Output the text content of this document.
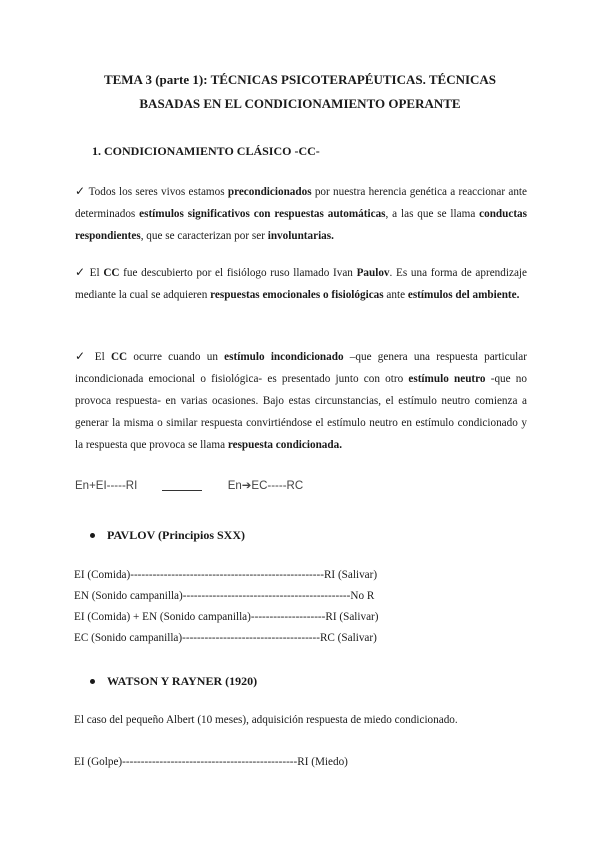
TEMA 3 (parte 1): TÉCNICAS PSICOTERAPÉUTICAS. TÉCNICAS
BASADAS EN EL CONDICIONAMIENTO OPERANTE
1. CONDICIONAMIENTO CLÁSICO -CC-

✓ Todos los seres vivos estamos precondicionados por nuestra herencia genética a reaccionar ante determinados estímulos significativos con respuestas automáticas, a las que se llama conductas respondientes, que se caracterizan por ser involuntarias.

✓ El CC fue descubierto por el fisiólogo ruso llamado Ivan Paulov. Es una forma de aprendizaje mediante la cual se adquieren respuestas emocionales o fisiológicas ante estímulos del ambiente.

✓ El CC ocurre cuando un estímulo incondicionado –que genera una respuesta particular incondicionada emocional o fisiológica- es presentado junto con otro estímulo neutro -que no provoca respuesta- en varias ocasiones. Bajo estas circunstancias, el estímulo neutro comienza a generar la misma o similar respuesta convirtiéndose el estímulo neutro en estímulo condicionado y la respuesta que provoca se llama respuesta condicionada.

En+EI-----RI	En➔EC-----RC
PAVLOV (Principios SXX)
EI (Comida)----------------------------------------------------RI (Salivar)
EN (Sonido campanilla)---------------------------------------------No R
EI (Comida) + EN (Sonido campanilla)--------------------RI (Salivar)
EC (Sonido campanilla)-------------------------------------RC (Salivar)
WATSON Y RAYNER (1920)
El caso del pequeño Albert (10 meses), adquisición respuesta de miedo condicionado.
EI (Golpe)-----------------------------------------------RI (Miedo)
